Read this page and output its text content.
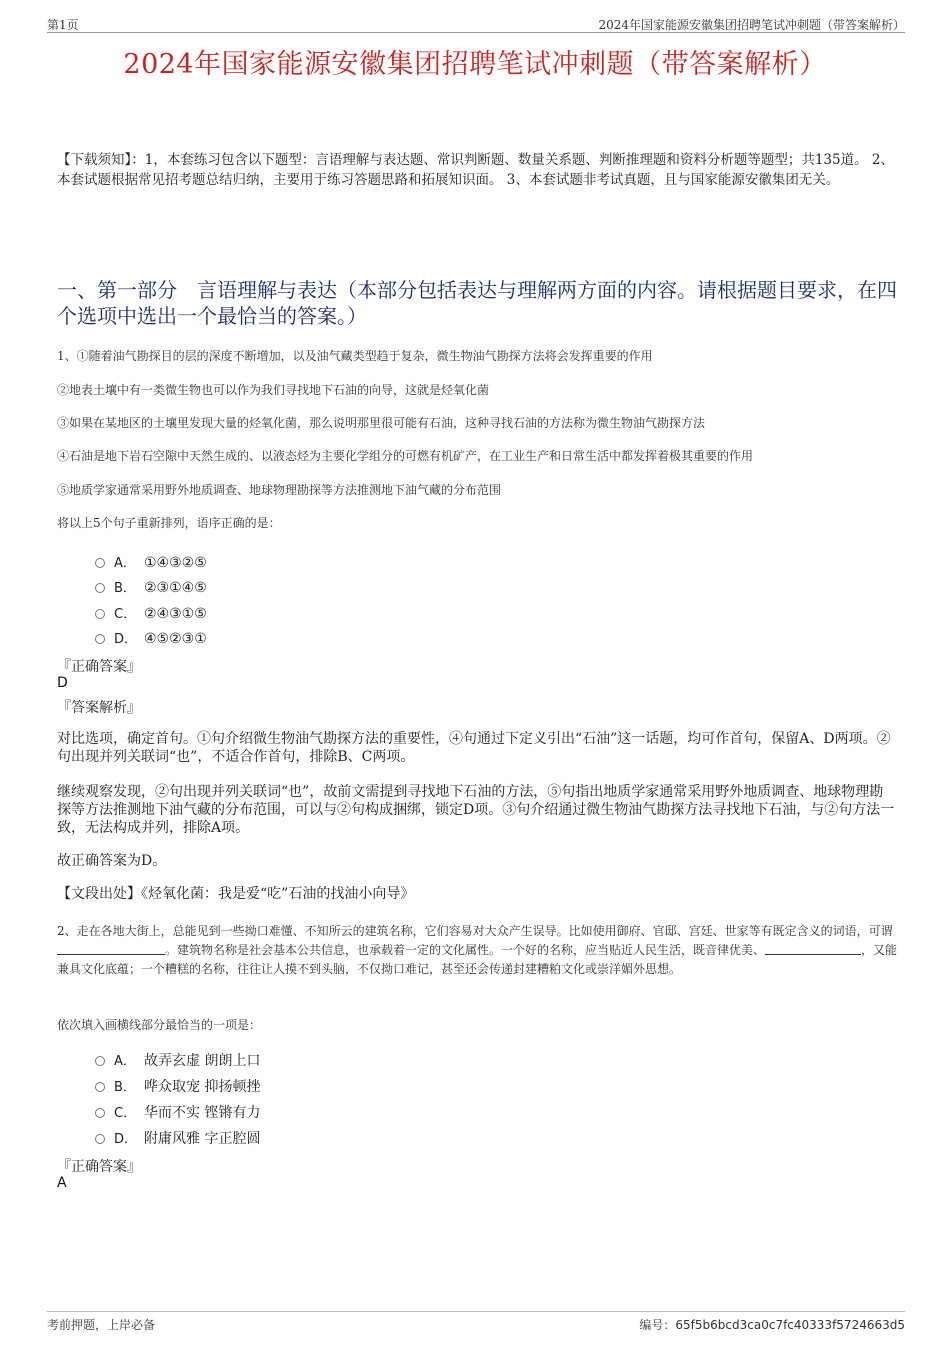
第1页	2024年国家能源安徽集团招聘笔试冲刺题（带答案解析）
2024年国家能源安徽集团招聘笔试冲刺题（带答案解析）
【下载须知】：1，本套练习包含以下题型：言语理解与表达题、常识判断题、数量关系题、判断推理题和资料分析题等题型；共135道。 2、本套试题根据常见招考题总结归纳，主要用于练习答题思路和拓展知识面。 3、本套试题非考试真题，且与国家能源安徽集团无关。
一、第一部分　言语理解与表达（本部分包括表达与理解两方面的内容。请根据题目要求，在四个选项中选出一个最恰当的答案。）
1、①随着油气勘探目的层的深度不断增加，以及油气藏类型趋于复杂，微生物油气勘探方法将会发挥重要的作用
②地表土壤中有一类微生物也可以作为我们寻找地下石油的向导，这就是烃氧化菌
③如果在某地区的土壤里发现大量的烃氧化菌，那么说明那里很可能有石油，这种寻找石油的方法称为微生物油气勘探方法
④石油是地下岩石空隙中天然生成的、以液态烃为主要化学组分的可燃有机矿产，在工业生产和日常生活中都发挥着极其重要的作用
⑤地质学家通常采用野外地质调查、地球物理勘探等方法推测地下油气藏的分布范围
将以上5个句子重新排列，语序正确的是：
A． ①④③②⑤
B． ②③①④⑤
C． ②④③①⑤
D． ④⑤②③①
『正确答案』
D
『答案解析』
对比选项，确定首句。①句介绍微生物油气勘探方法的重要性，④句通过下定义引出“石油”这一话题，均可作首句，保留A、D两项。②句出现并列关联词“也”，不适合作首句，排除B、C两项。
继续观察发现，②句出现并列关联词“也”，故前文需提到寻找地下石油的方法，⑤句指出地质学家通常采用野外地质调查、地球物理勘探等方法推测地下油气藏的分布范围，可以与②句构成捆绑，锁定D项。③句介绍通过微生物油气勘探方法寻找地下石油，与②句方法一致，无法构成并列，排除A项。
故正确答案为D。
【文段出处】《烃氧化菌：我是爱“吃”石油的找油小向导》
2、走在各地大街上，总能见到一些拗口难懂、不知所云的建筑名称，它们容易对大众产生误导。比如使用御府、官邸、宫廷、世家等有既定含义的词语，可谓。建筑物名称是社会基本公共信息，也承载着一定的文化属性。一个好的名称，应当贴近人民生活，既音律优美、	，又能兼具文化底蕴；一个糟糕的名称，往往让人摸不到头脑，不仅拗口难记，甚至还会传递封建糟粕文化或崇洋媚外思想。
依次填入画横线部分最恰当的一项是：
A． 故弄玄虚 朗朗上口
B． 哗众取宠 抑扬顿挫
C． 华而不实 铿锵有力
D． 附庸风雅 字正腔圆
『正确答案』
A
考前押题，上岸必备	编号：65f5b6bcd3ca0c7fc40333f5724663d5
